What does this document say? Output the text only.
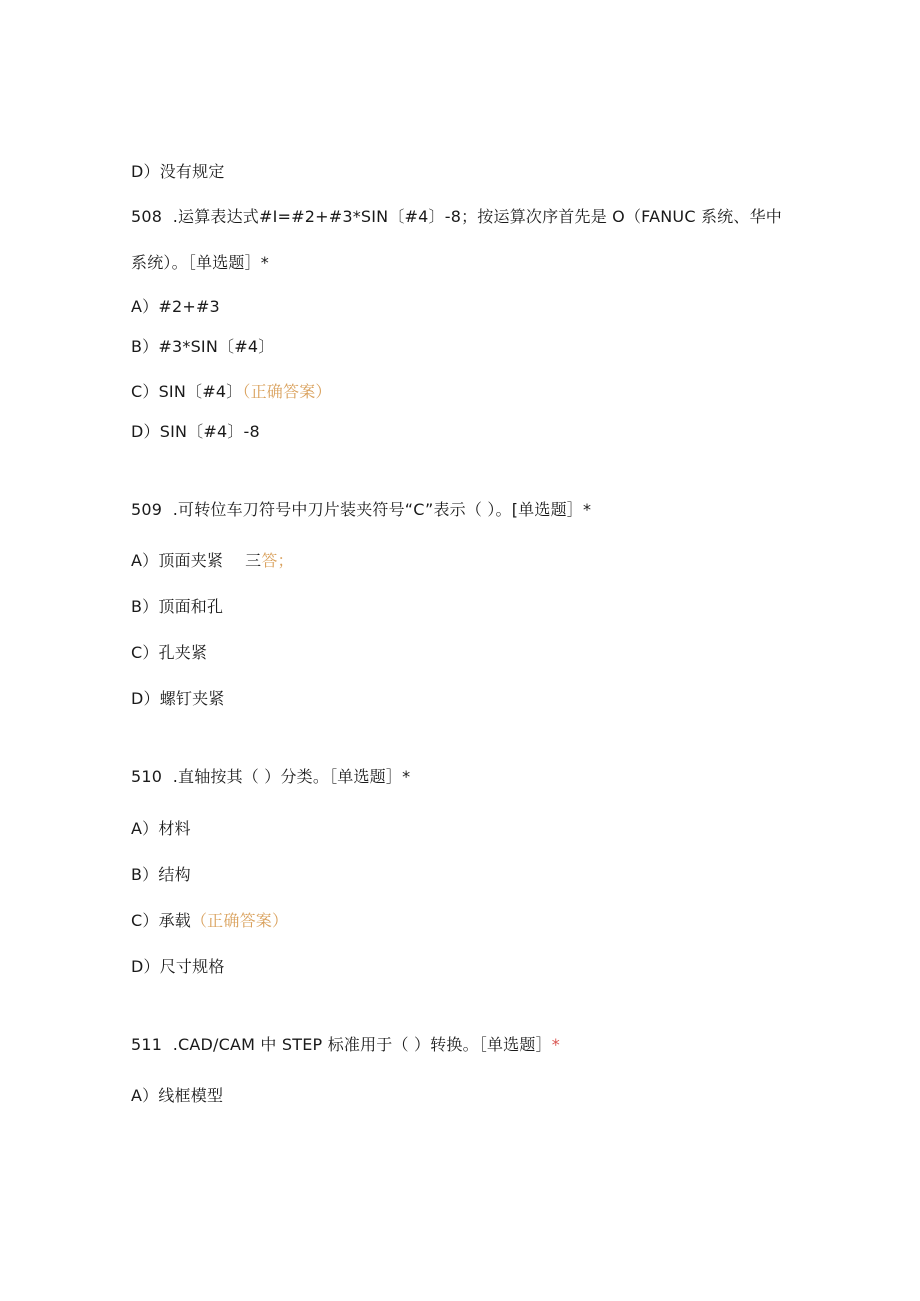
D）没有规定
508  .运算表达式#I=#2+#3*SIN〔#4〕-8；按运算次序首先是 O（FANUC 系统、华中
系统）。［单选题］*
A）#2+#3
B）#3*SIN〔#4〕
C）SIN〔#4〕（正确答案）
D）SIN〔#4〕-8
509  .可转位车刀符号中刀片装夹符号“C”表示（ ）。[单选题］*
A）顶面夹紧 三答；
B）顶面和孔
C）孔夹紧
D）螺钉夹紧
510  .直轴按其（ ）分类。［单选题］*
A）材料
B）结构
C）承载（正确答案）
D）尺寸规格
511  .CAD/CAM 中 STEP 标准用于（ ）转换。［单选题］*
A）线框模型
